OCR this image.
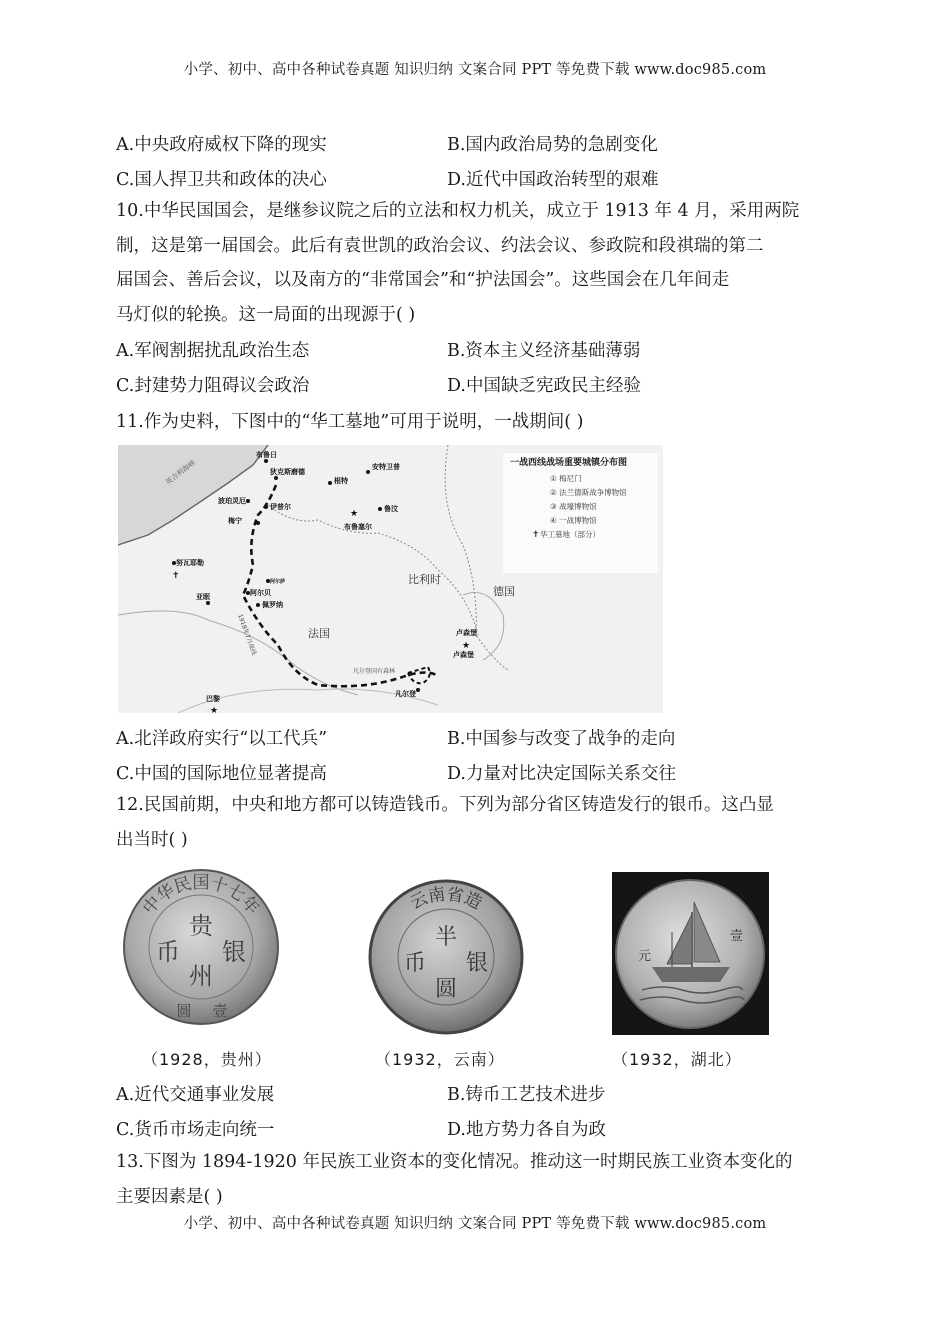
小学、初中、高中各种试卷真题 知识归纳 文案合同 PPT 等免费下载 www.doc985.com
A.中央政府威权下降的现实	B.国内政治局势的急剧变化
C.国人捍卫共和政体的决心	D.近代中国政治转型的艰难
10.中华民国国会，是继参议院之后的立法和权力机关，成立于 1913 年 4 月，采用两院
制，这是第一届国会。此后有袁世凯的政治会议、约法会议、参政院和段祺瑞的第二
届国会、善后会议，以及南方的“非常国会”和“护法国会”。这些国会在几年间走
马灯似的轮换。这一局面的出现源于( )
A.军阀割据扰乱政治生态	B.资本主义经济基础薄弱
C.封建势力阻碍议会政治	D.中国缺乏宪政民主经验
11.作为史料，下图中的“华工墓地”可用于说明，一战期间( )
一战西线战场重要城镇分布图
① 梅尼门
② 法兰德斯战争博物馆
③ 战壕博物馆
④ 一战博物馆
华工墓地（部分）
✝
英吉利海峡
比利时
德国
法国
1918年7月战线
凡尔登国有森林
布鲁日
狄克斯磨德
安特卫普
根特
鲁汶
★
布鲁塞尔
波珀灵厄
伊普尔
梅宁
努瓦耶勒
✝
亚眠	阿尔贝
佩罗纳
阿尔萨
卢森堡
★
卢森堡
凡尔登
巴黎
★
A.北洋政府实行“以工代兵”	B.中国参与改变了战争的走向
C.中国的国际地位显著提高	D.力量对比决定国际关系交往
12.民国前期，中央和地方都可以铸造钱币。下列为部分省区铸造发行的银币。这凸显
出当时( )
中华民国十七年
贵
银
州
币
圆 壹
（1928，贵州）
云南省造
半
银
圆
币
（1932，云南）
元
壹
（1932，湖北）
A.近代交通事业发展	B.铸币工艺技术进步
C.货币市场走向统一	D.地方势力各自为政
13.下图为 1894-1920 年民族工业资本的变化情况。推动这一时期民族工业资本变化的
主要因素是( )
小学、初中、高中各种试卷真题 知识归纳 文案合同 PPT 等免费下载 www.doc985.com
